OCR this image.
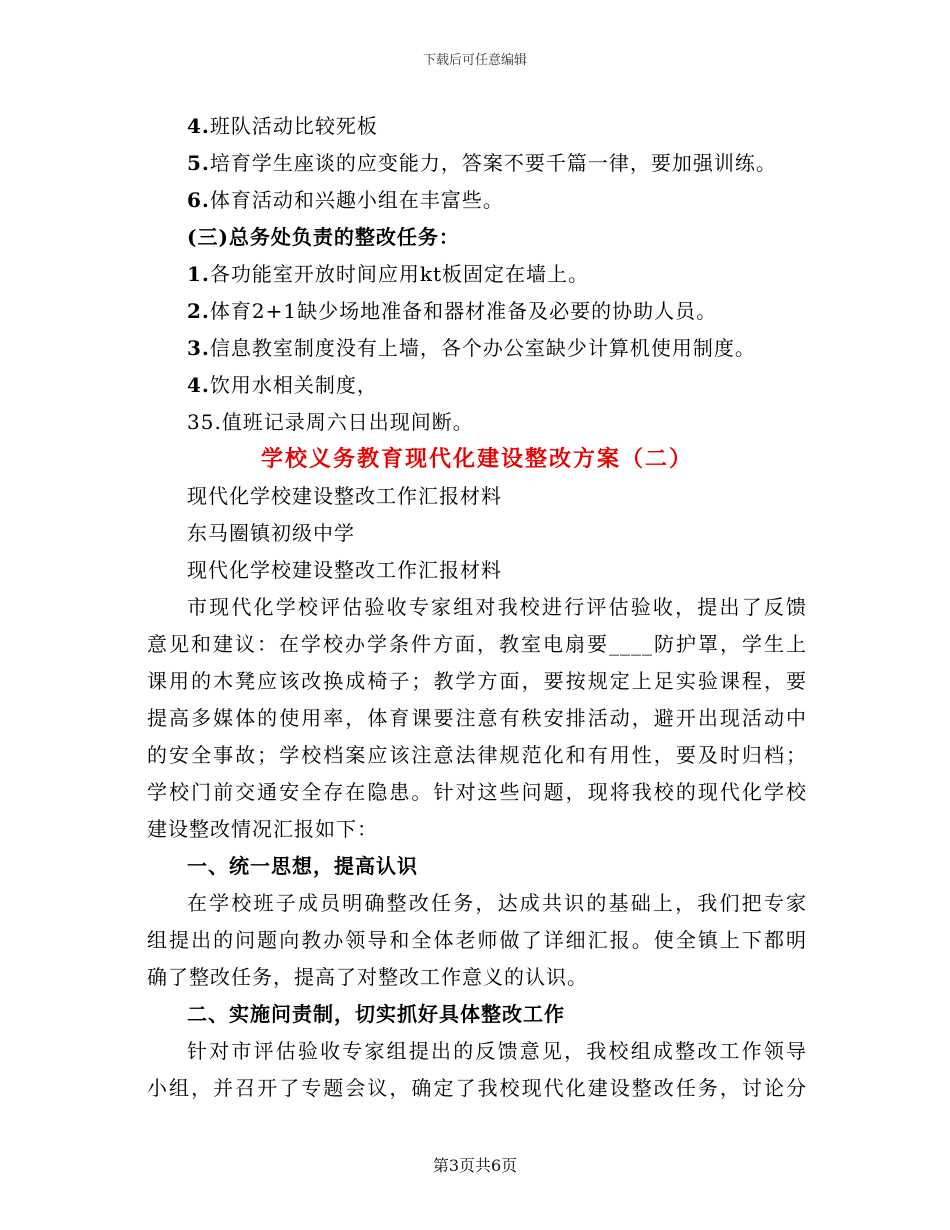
下载后可任意编辑

4.班队活动比较死板

5.培育学生座谈的应变能力，答案不要千篇一律，要加强训练。

6.体育活动和兴趣小组在丰富些。

(三)总务处负责的整改任务：

1.各功能室开放时间应用kt板固定在墙上。

2.体育2+1缺少场地准备和器材准备及必要的协助人员。

3.信息教室制度没有上墙，各个办公室缺少计算机使用制度。

4.饮用水相关制度，

35.值班记录周六日出现间断。

学校义务教育现代化建设整改方案（二）

现代化学校建设整改工作汇报材料

东马圈镇初级中学

现代化学校建设整改工作汇报材料

市现代化学校评估验收专家组对我校进行评估验收，提出了反馈

意见和建议：在学校办学条件方面，教室电扇要____防护罩，学生上

课用的木凳应该改换成椅子；教学方面，要按规定上足实验课程，要

提高多媒体的使用率，体育课要注意有秩安排活动，避开出现活动中

的安全事故；学校档案应该注意法律规范化和有用性，要及时归档；

学校门前交通安全存在隐患。针对这些问题，现将我校的现代化学校

建设整改情况汇报如下：

一、统一思想，提高认识

在学校班子成员明确整改任务，达成共识的基础上，我们把专家

组提出的问题向教办领导和全体老师做了详细汇报。使全镇上下都明

确了整改任务，提高了对整改工作意义的认识。

二、实施问责制，切实抓好具体整改工作

针对市评估验收专家组提出的反馈意见，我校组成整改工作领导

小组，并召开了专题会议，确定了我校现代化建设整改任务，讨论分

第3页共6页
